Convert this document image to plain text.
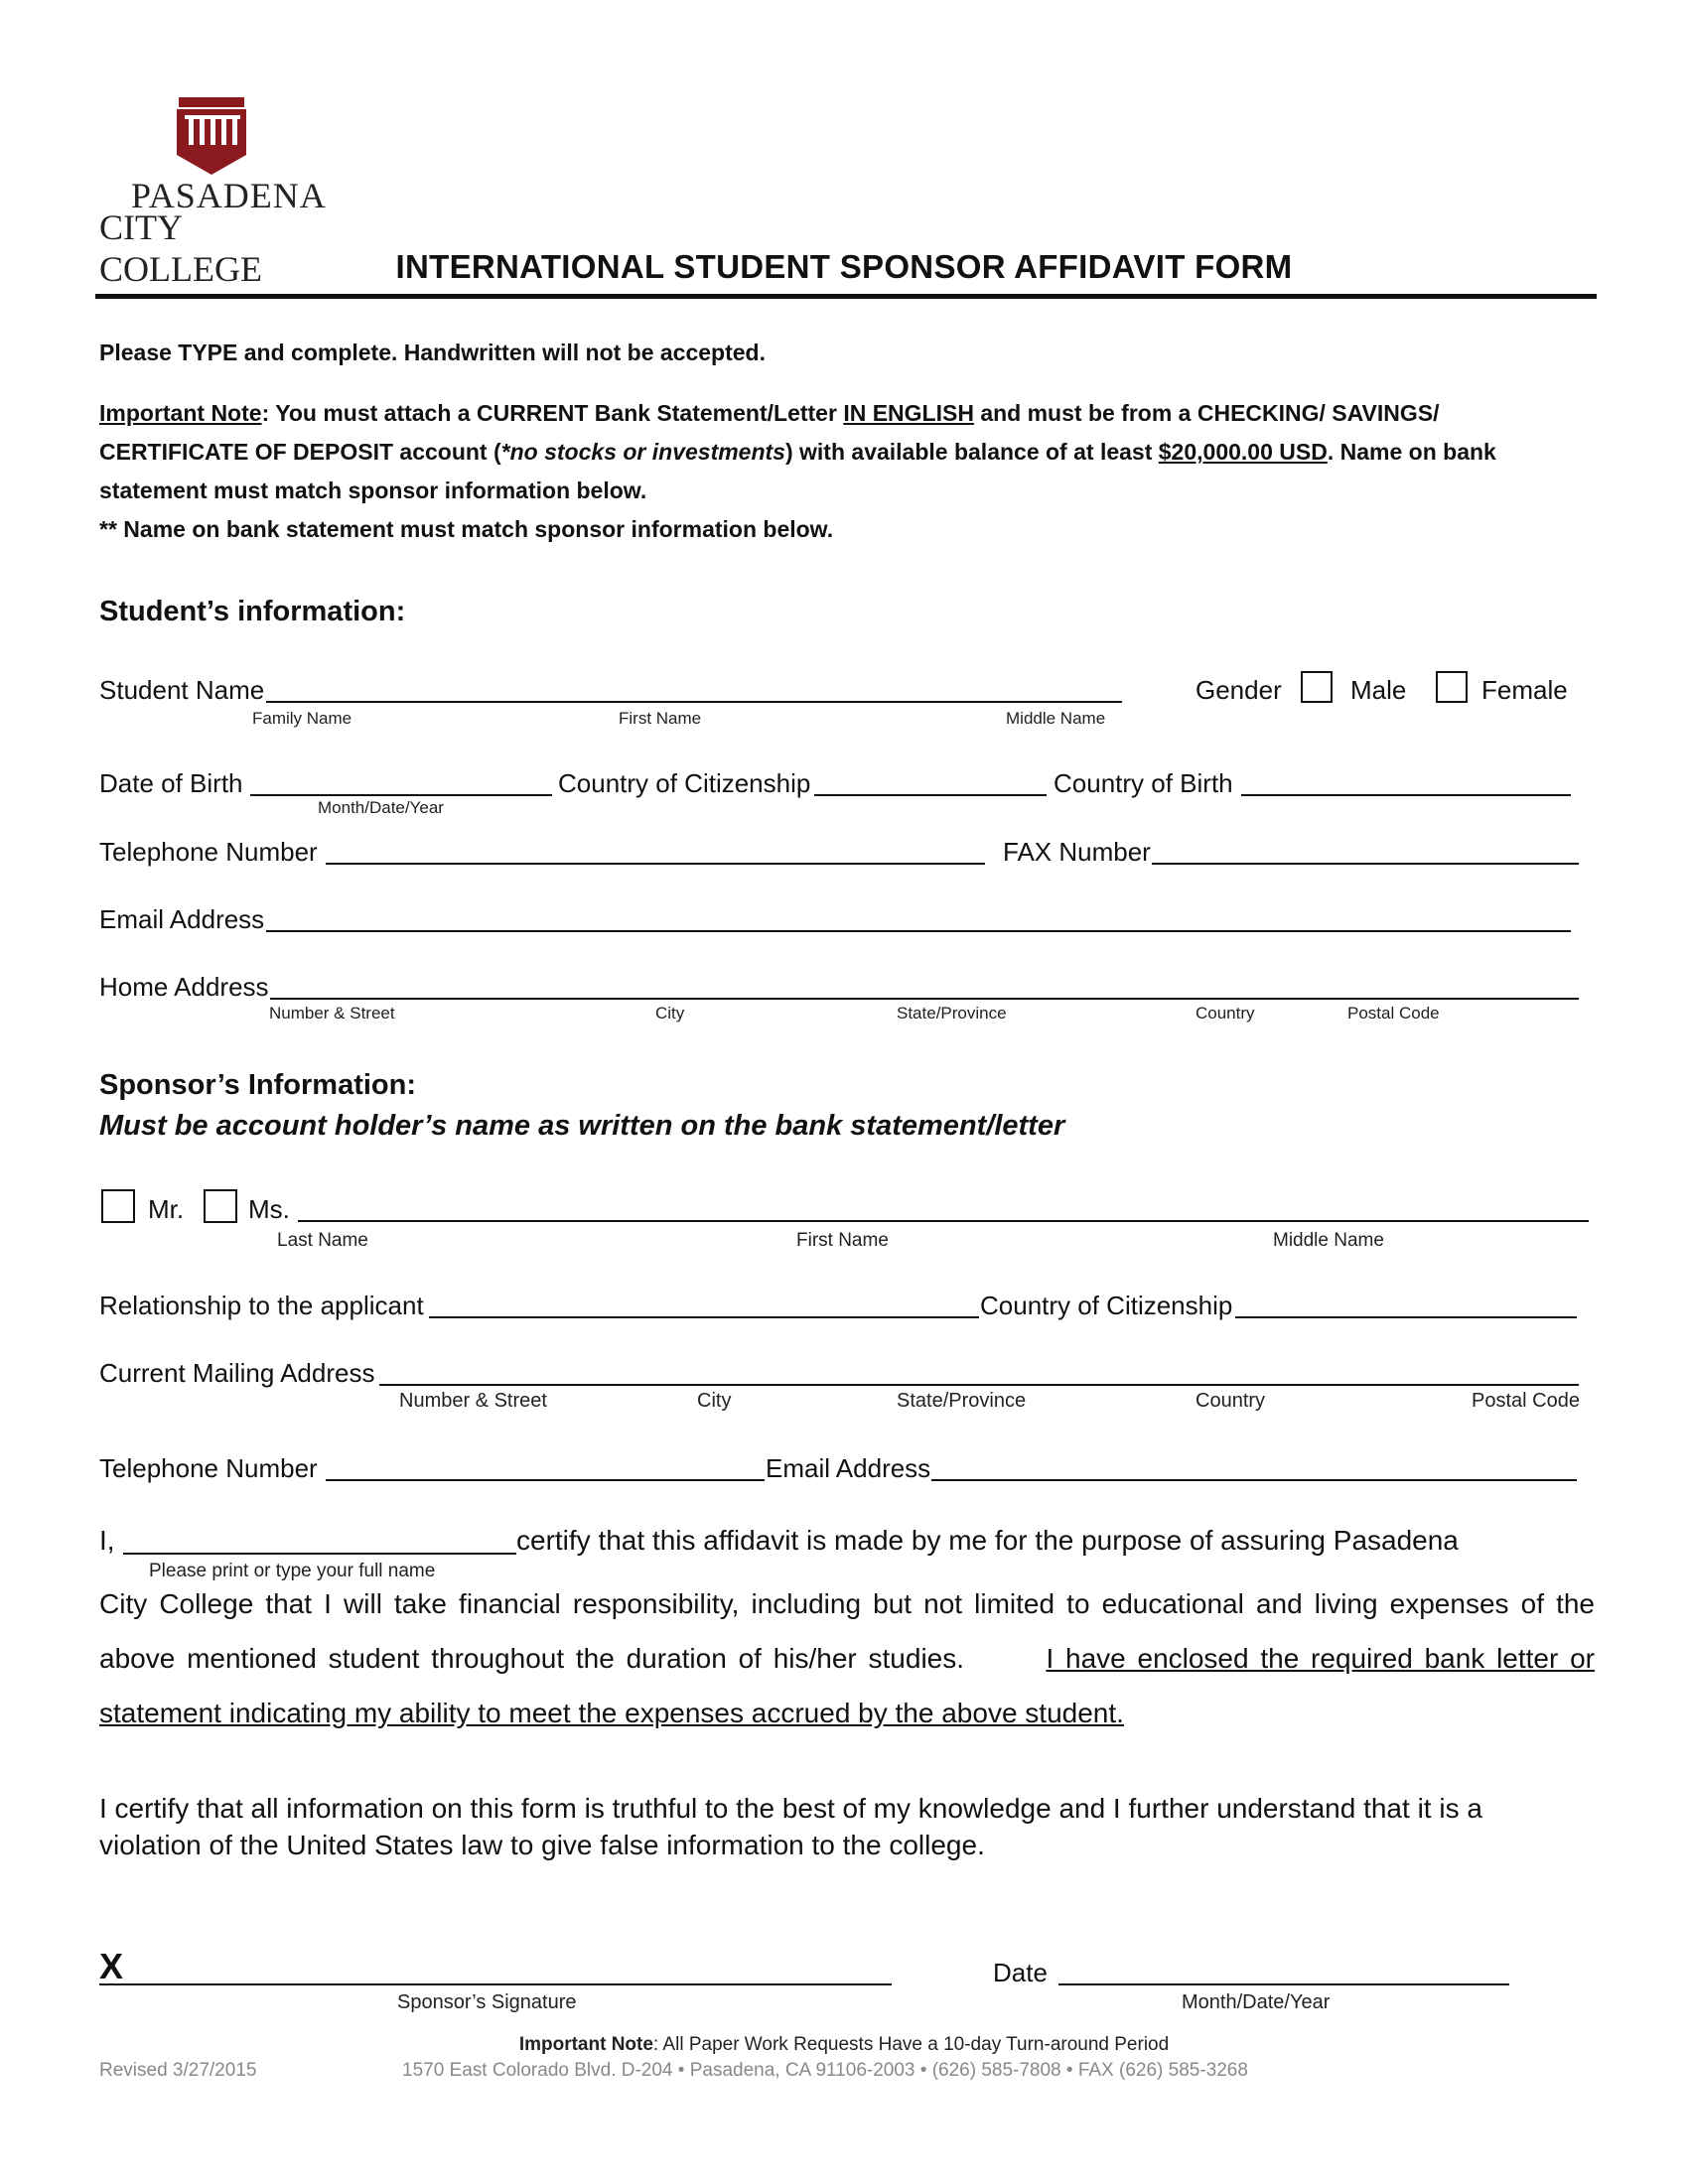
PASADENA
CITY COLLEGE	INTERNATIONAL STUDENT SPONSOR AFFIDAVIT FORM
Please TYPE and complete. Handwritten will not be accepted.
Important Note: You must attach a CURRENT Bank Statement/Letter IN ENGLISH and must be from a CHECKING/ SAVINGS/
CERTIFICATE OF DEPOSIT account (*no stocks or investments) with available balance of at least $20,000.00 USD. Name on bank
statement must match sponsor information below.
** Name on bank statement must match sponsor information below.
Student’s information:
Student Name
Family Name	First Name	Middle Name
Gender	Male	Female
Date of Birth
Month/Date/Year
Country of Citizenship	Country of Birth
Telephone Number	FAX Number
Email Address
Home Address
Number & Street	City	State/Province	Country	Postal Code
Sponsor’s Information:
Must be account holder’s name as written on the bank statement/letter
Mr. Ms.
Last Name	First Name	Middle Name
Relationship to the applicant	Country of Citizenship
Current Mailing Address
Number & Street	City	State/Province	Country	Postal Code
Telephone Number	Email Address
I,	certify that this affidavit is made by me for the purpose of assuring Pasadena
Please print or type your full name
City College that I will take financial responsibility, including but not limited to educational and living expenses of the
above mentioned student throughout the duration of his/her studies.	I have enclosed the required bank letter or
statement indicating my ability to meet the expenses accrued by the above student.
I certify that all information on this form is truthful to the best of my knowledge and I further understand that it is a
violation of the United States law to give false information to the college.
X
Sponsor’s Signature
Date
Month/Date/Year
Important Note: All Paper Work Requests Have a 10-day Turn-around Period
Revised 3/27/2015	1570 East Colorado Blvd. D-204 • Pasadena, CA 91106-2003 • (626) 585-7808 • FAX (626) 585-3268
